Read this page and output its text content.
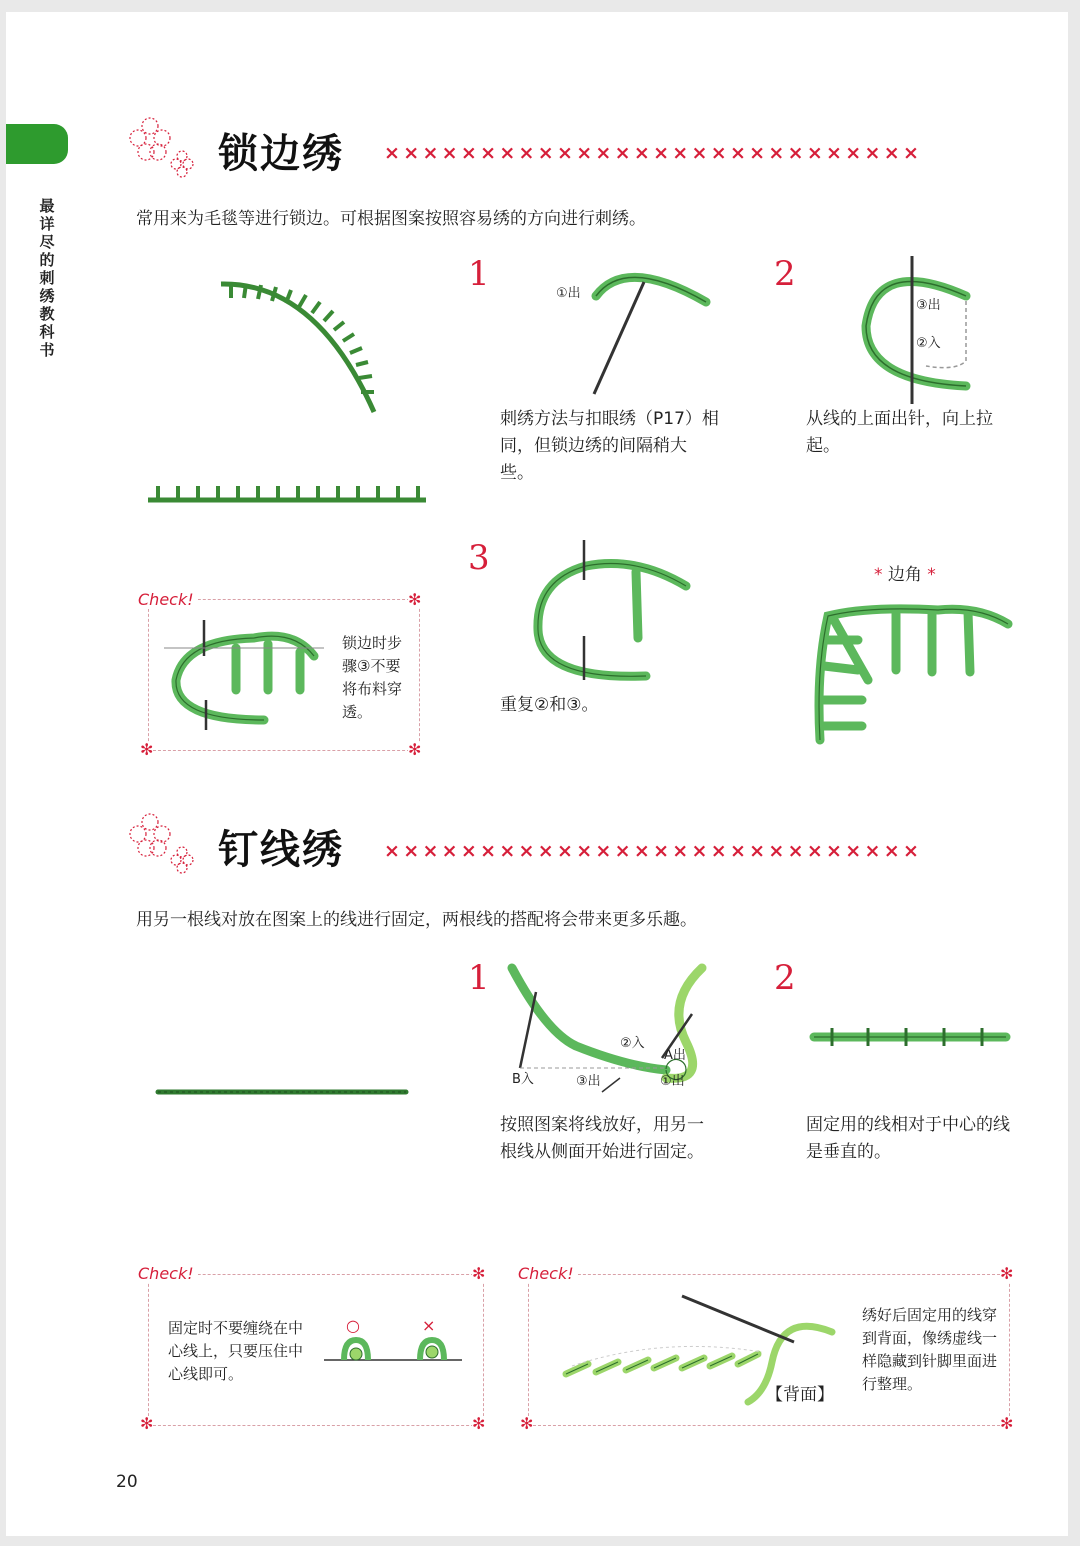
最详尽的刺绣教科书
锁边绣 ××××××××××××××××××××××××××××
常用来为毛毯等进行锁边。可根据图案按照容易绣的方向进行刺绣。
1	①出
刺绣方法与扣眼绣（P17）相同，但锁边绣的间隔稍大些。
2
③出
②入
从线的上面出针，向上拉起。
Check!	✻
✻	✻
锁边时步骤③不要将布料穿透。
3
重复②和③。
* 边角 *
钉线绣 ××××××××××××××××××××××××××××
用另一根线对放在图案上的线进行固定，两根线的搭配将会带来更多乐趣。
1
②入
A出
B入	③出	①出
按照图案将线放好，用另一根线从侧面开始进行固定。
2
固定用的线相对于中心的线是垂直的。
Check!	✻
✻	✻
固定时不要缠绕在中心线上，只要压住中心线即可。
○	×
Check!	✻
✻	✻
【背面】
绣好后固定用的线穿到背面，像绣虚线一样隐藏到针脚里面进行整理。
20
